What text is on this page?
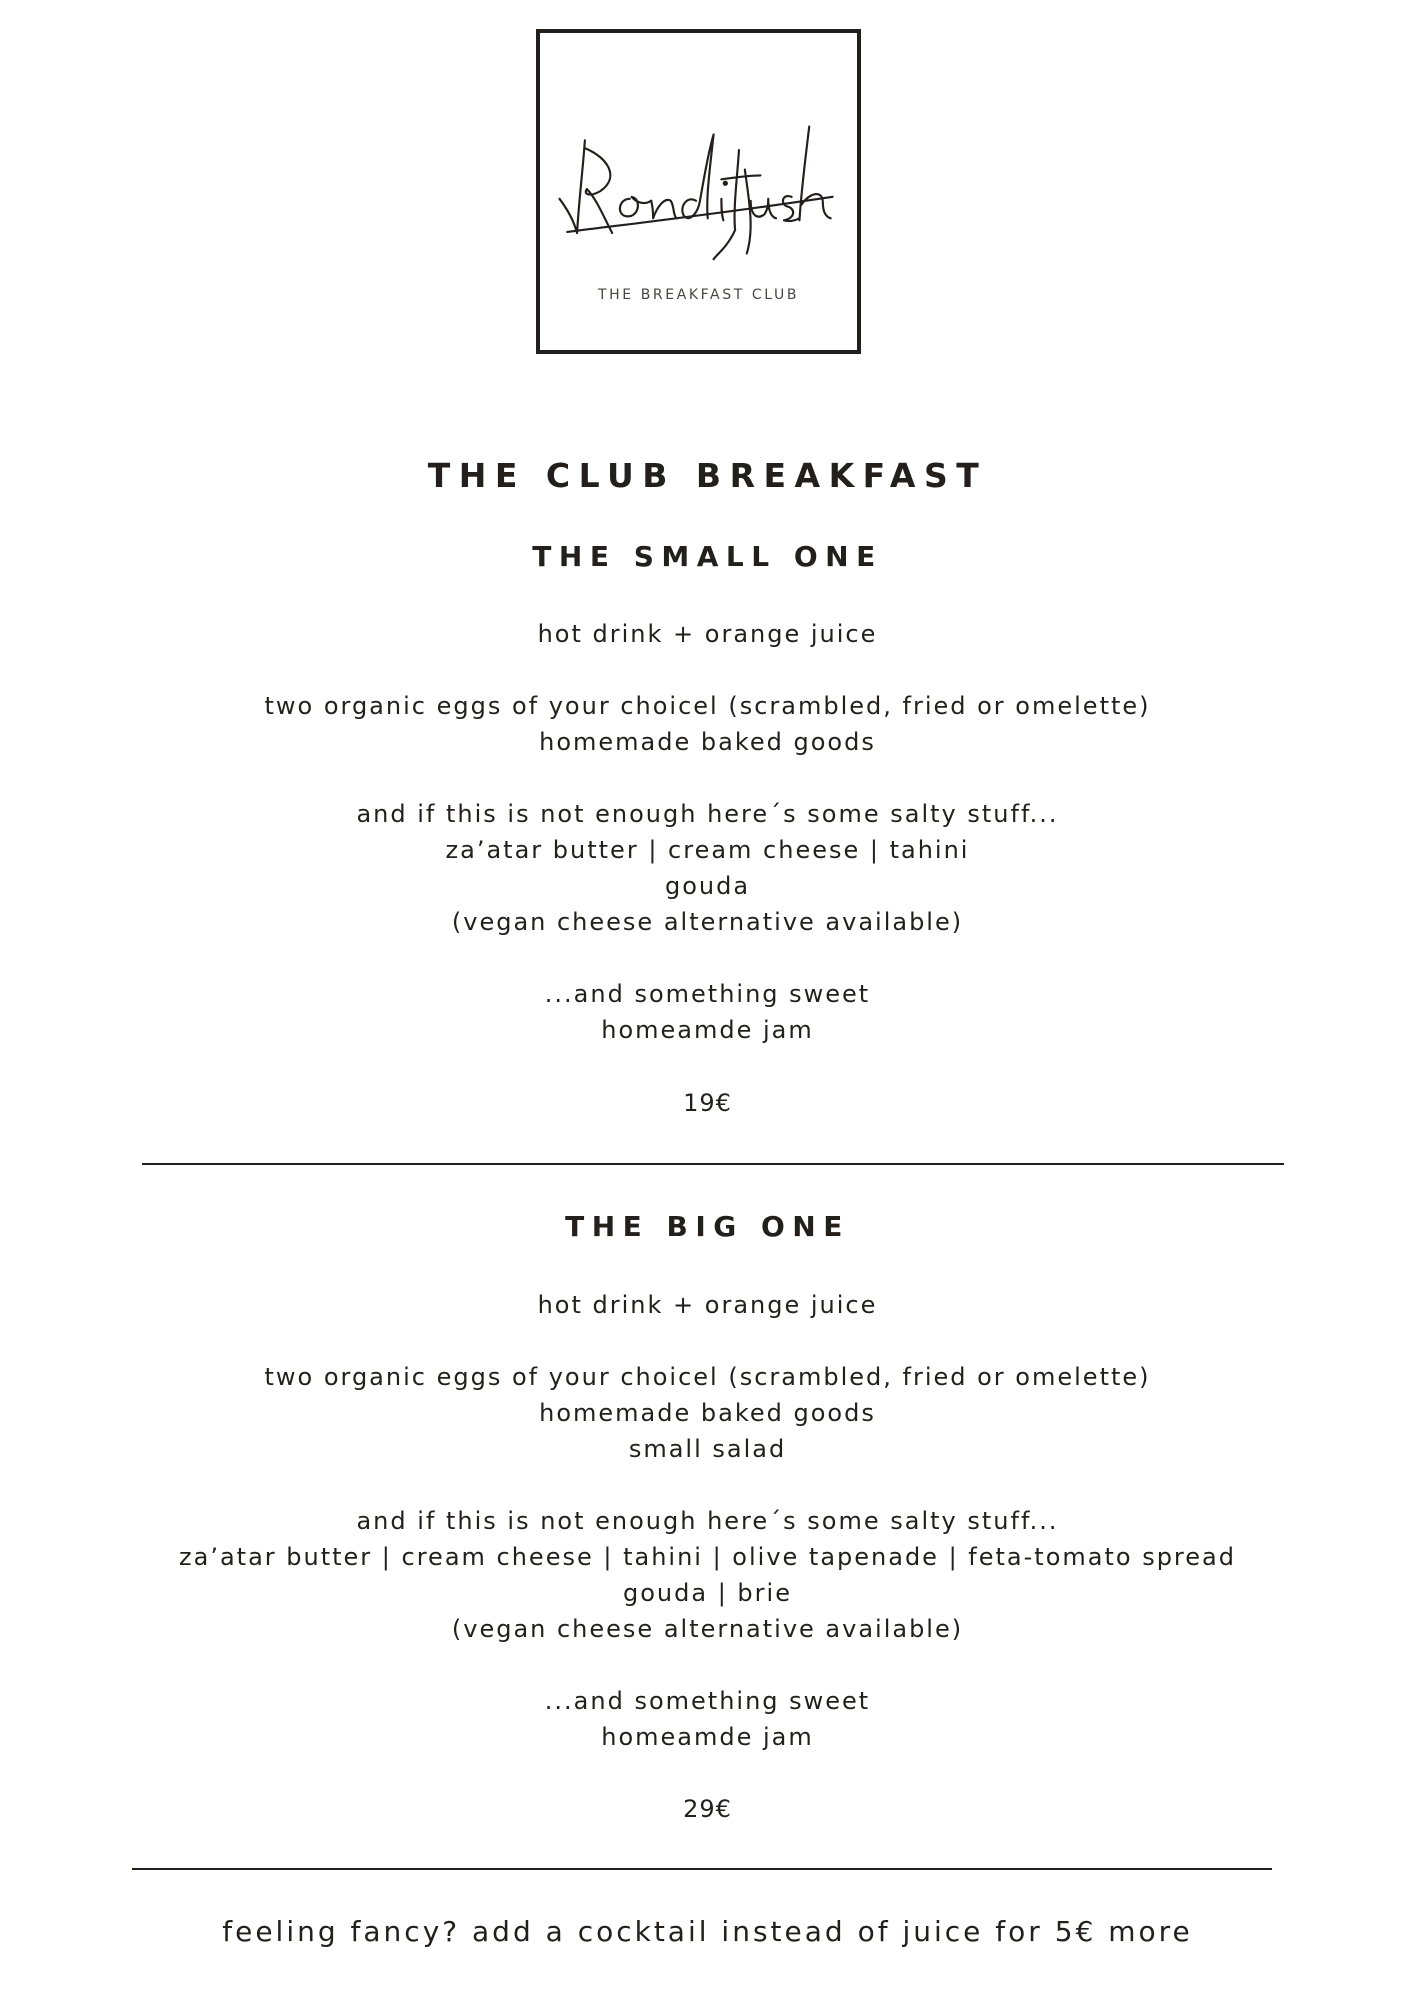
THE BREAKFAST CLUB
THE CLUB BREAKFAST
THE SMALL ONE
hot drink + orange juice
two organic eggs of your choicel (scrambled, fried or omelette)
homemade baked goods
and if this is not enough here´s some salty stuff...
za’atar butter | cream cheese | tahini
gouda
(vegan cheese alternative available)
...and something sweet
homeamde jam
19€
THE BIG ONE
hot drink + orange juice
two organic eggs of your choicel (scrambled, fried or omelette)
homemade baked goods
small salad
and if this is not enough here´s some salty stuff...
za’atar butter | cream cheese | tahini | olive tapenade | feta-tomato spread
gouda | brie
(vegan cheese alternative available)
...and something sweet
homeamde jam
29€
feeling fancy? add a cocktail instead of juice for 5€ more
